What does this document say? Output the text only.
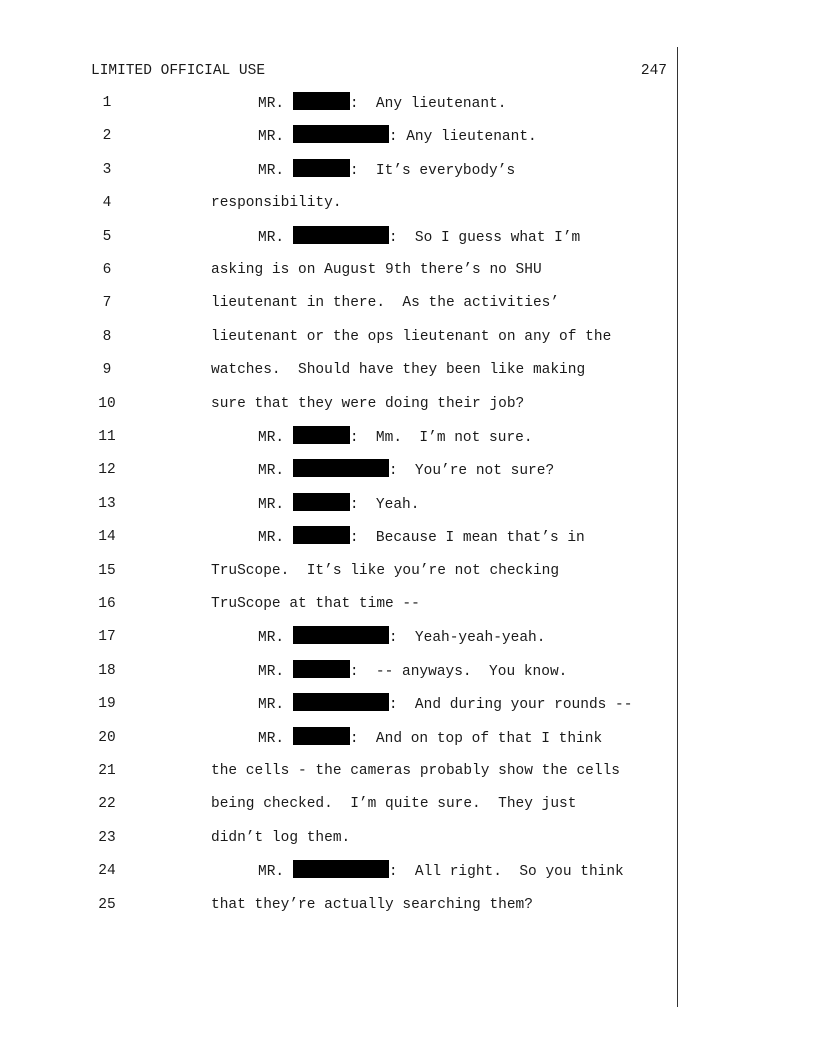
LIMITED OFFICIAL USE	247
1	MR.	:  Any lieutenant.
2	MR.	: Any lieutenant.
3	MR.	:  It’s everybody’s
4	responsibility.
5	MR.	:  So I guess what I’m
6	asking is on August 9th there’s no SHU
7	lieutenant in there.  As the activities’
8	lieutenant or the ops lieutenant on any of the
9	watches.  Should have they been like making
10	sure that they were doing their job?
11	MR.	:  Mm.  I’m not sure.
12	MR.	:  You’re not sure?
13	MR.	:  Yeah.
14	MR.	:  Because I mean that’s in
15	TruScope.  It’s like you’re not checking
16	TruScope at that time --
17	MR.	:  Yeah-yeah-yeah.
18	MR.	:  -- anyways.  You know.
19	MR.	:  And during your rounds --
20	MR.	:  And on top of that I think
21	the cells - the cameras probably show the cells
22	being checked.  I’m quite sure.  They just
23	didn’t log them.
24	MR.	:  All right.  So you think
25	that they’re actually searching them?
